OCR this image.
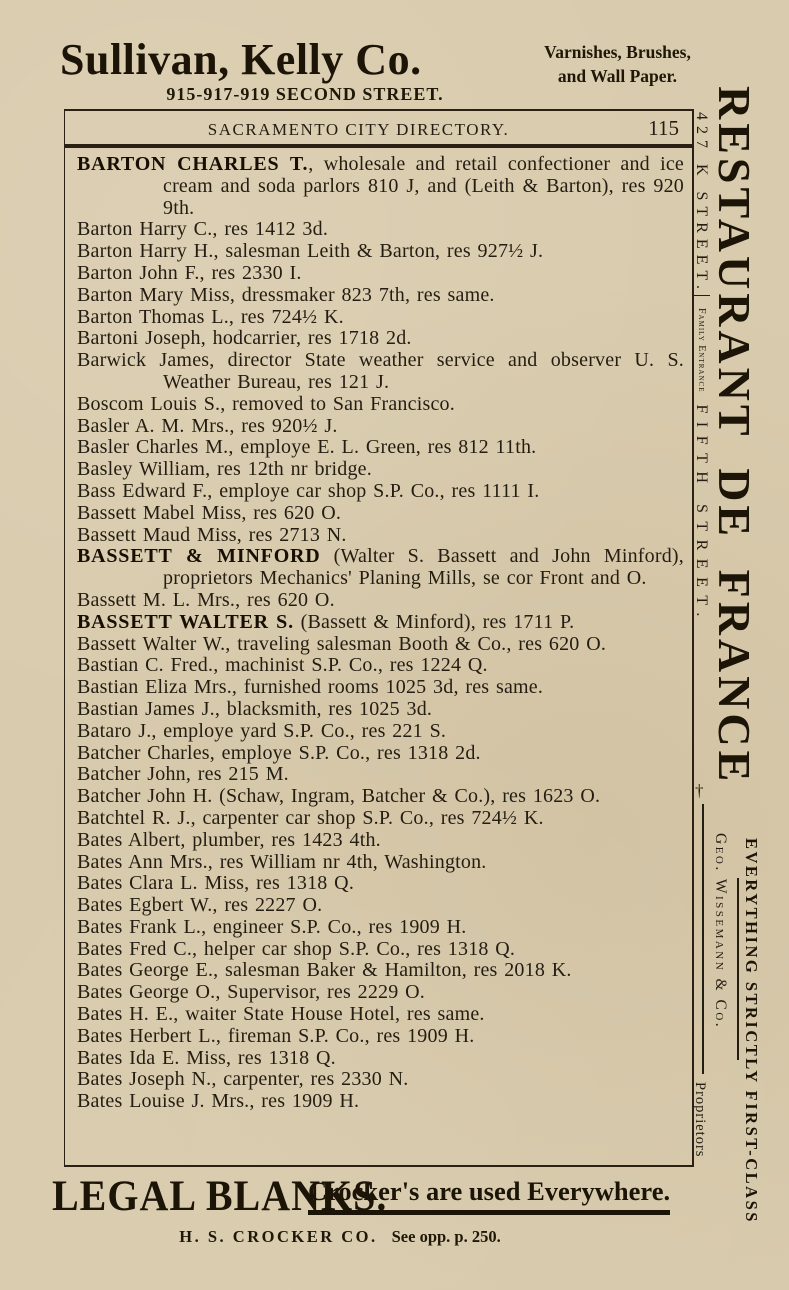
Sullivan, Kelly Co.	Varnishes, Brushes,
and Wall Paper.
915-917-919 SECOND STREET.
SACRAMENTO CITY DIRECTORY.	115

BARTON CHARLES T., wholesale and retail confectioner and ice cream and soda parlors 810 J, and (Leith & Barton), res 920 9th.

Barton Harry C., res 1412 3d.

Barton Harry H., salesman Leith & Barton, res 927½ J.

Barton John F., res 2330 I.

Barton Mary Miss, dressmaker 823 7th, res same.

Barton Thomas L., res 724½ K.

Bartoni Joseph, hodcarrier, res 1718 2d.

Barwick James, director State weather service and observer U. S. Weather Bureau, res 121 J.

Boscom Louis S., removed to San Francisco.

Basler A. M. Mrs., res 920½ J.

Basler Charles M., employe E. L. Green, res 812 11th.

Basley William, res 12th nr bridge.

Bass Edward F., employe car shop S.P. Co., res 1111 I.

Bassett Mabel Miss, res 620 O.

Bassett Maud Miss, res 2713 N.

BASSETT & MINFORD (Walter S. Bassett and John Minford), proprietors Mechanics' Planing Mills, se cor Front and O.

Bassett M. L. Mrs., res 620 O.

BASSETT WALTER S. (Bassett & Minford), res 1711 P.

Bassett Walter W., traveling salesman Booth & Co., res 620 O.

Bastian C. Fred., machinist S.P. Co., res 1224 Q.

Bastian Eliza Mrs., furnished rooms 1025 3d, res same.

Bastian James J., blacksmith, res 1025 3d.

Bataro J., employe yard S.P. Co., res 221 S.

Batcher Charles, employe S.P. Co., res 1318 2d.

Batcher John, res 215 M.

Batcher John H. (Schaw, Ingram, Batcher & Co.), res 1623 O.

Batchtel R. J., carpenter car shop S.P. Co., res 724½ K.

Bates Albert, plumber, res 1423 4th.

Bates Ann Mrs., res William nr 4th, Washington.

Bates Clara L. Miss, res 1318 Q.

Bates Egbert W., res 2227 O.

Bates Frank L., engineer S.P. Co., res 1909 H.

Bates Fred C., helper car shop S.P. Co., res 1318 Q.

Bates George E., salesman Baker & Hamilton, res 2018 K.

Bates George O., Supervisor, res 2229 O.

Bates H. E., waiter State House Hotel, res same.

Bates Herbert L., fireman S.P. Co., res 1909 H.

Bates Ida E. Miss, res 1318 Q.

Bates Joseph N., carpenter, res 2330 N.

Bates Louise J. Mrs., res 1909 H.

RESTAURANT DE FRANCE
427 K STREET. Family Entrance FIFTH STREET.
†
Geo. Wissemann & Co.
Proprietors EVERYTHING STRICTLY FIRST-CLASS
LEGAL BLANKS.
Crocker's are used Everywhere.
H. S. CROCKER CO. See opp. p. 250.
